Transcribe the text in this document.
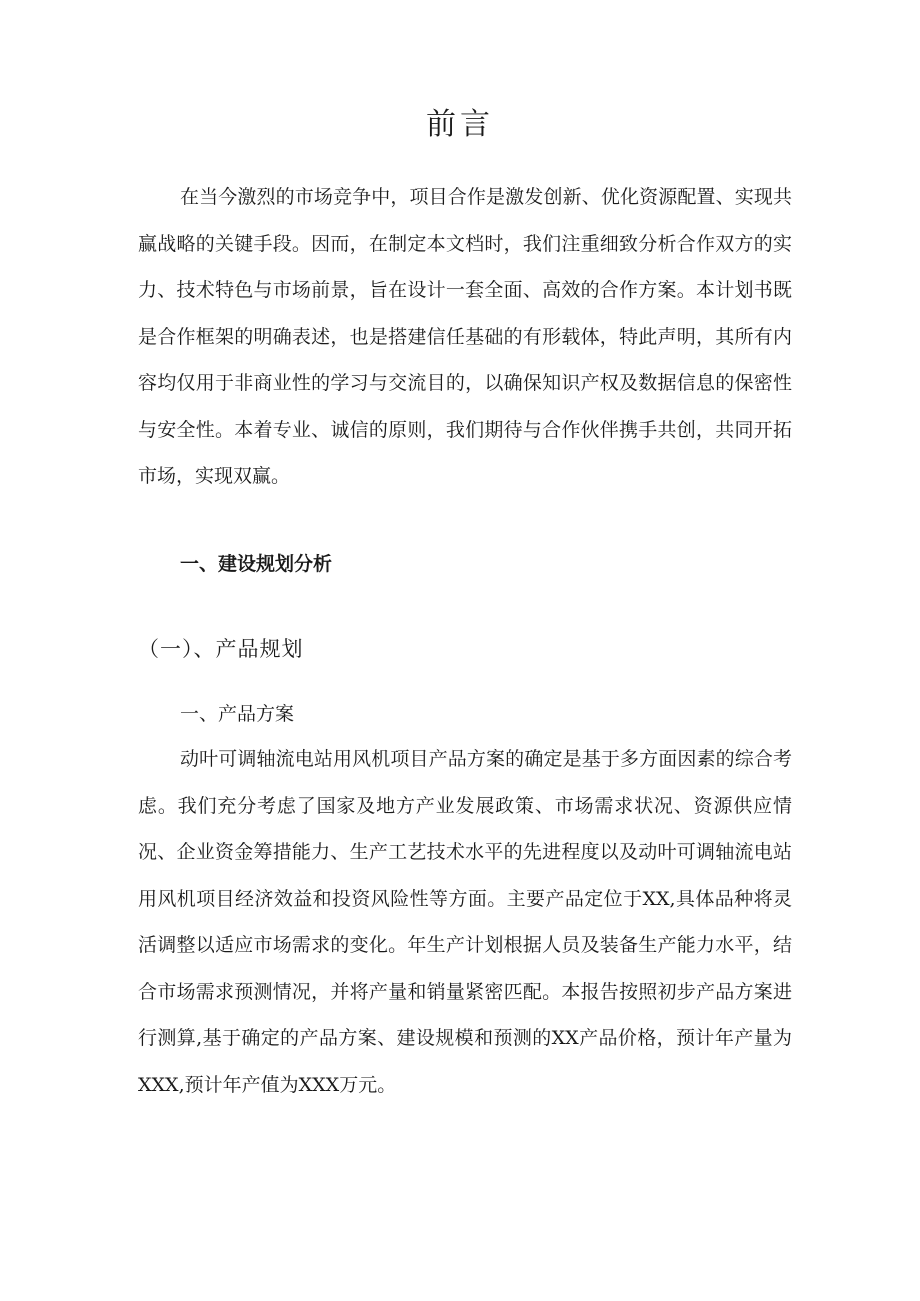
前言

在当今激烈的市场竞争中，项目合作是激发创新、优化资源配置、实现共赢战略的关键手段。因而，在制定本文档时，我们注重细致分析合作双方的实力、技术特色与市场前景，旨在设计一套全面、高效的合作方案。本计划书既是合作框架的明确表述，也是搭建信任基础的有形载体，特此声明，其所有内容均仅用于非商业性的学习与交流目的，以确保知识产权及数据信息的保密性与安全性。本着专业、诚信的原则，我们期待与合作伙伴携手共创，共同开拓市场，实现双赢。

一、建设规划分析
（一）、产品规划
一、产品方案

动叶可调轴流电站用风机项目产品方案的确定是基于多方面因素的综合考虑。我们充分考虑了国家及地方产业发展政策、市场需求状况、资源供应情况、企业资金筹措能力、生产工艺技术水平的先进程度以及动叶可调轴流电站用风机项目经济效益和投资风险性等方面。主要产品定位于XX,具体品种将灵活调整以适应市场需求的变化。年生产计划根据人员及装备生产能力水平，结合市场需求预测情况，并将产量和销量紧密匹配。本报告按照初步产品方案进行测算,基于确定的产品方案、建设规模和预测的XX产品价格，预计年产量为XXX,预计年产值为XXX万元。
